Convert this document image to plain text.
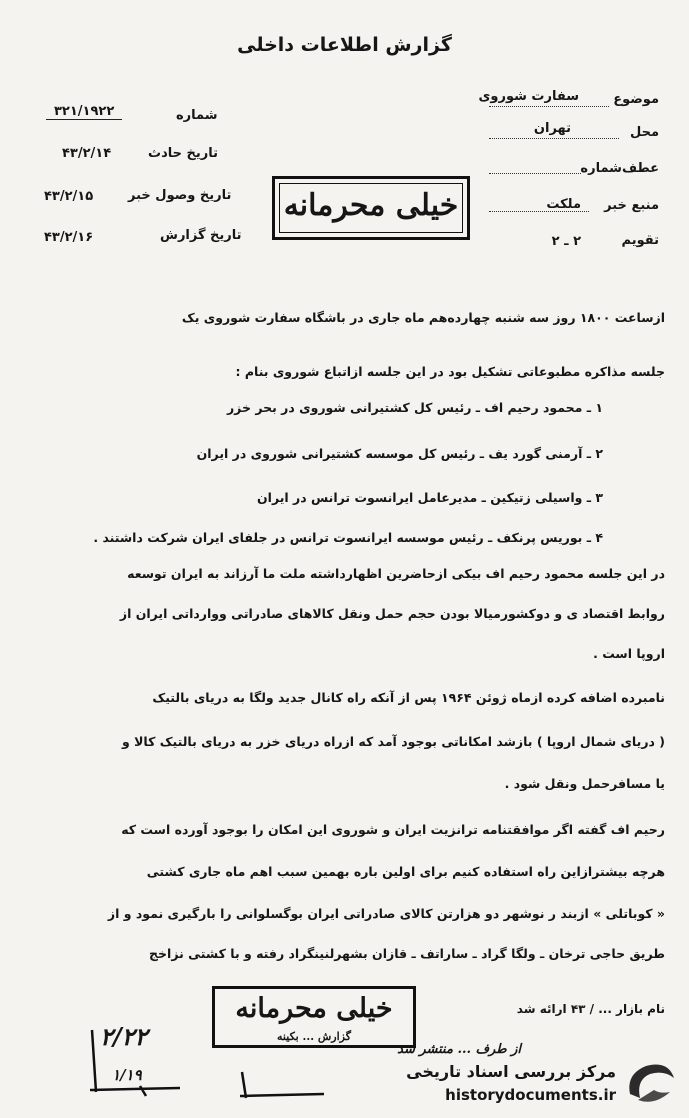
گزارش اطلاعات داخلی
موضوع
سفارت شوروی
محل
تهران
عطف‌شماره
منبع خبر
ملکت
تقویم
۲ ـ ۲
شماره
۳۲۱/۱۹۲۲
تاریخ حادث
۴۳/۲/۱۴
تاریخ وصول خبر
۴۳/۲/۱۵
تاریخ گزارش
۴۳/۲/۱۶
خیلی محرمانه
ازساعت ۱۸۰۰ روز سه شنبه چهارده‌هم ماه جاری در باشگاه سفارت شوروی یک
جلسه مذاکره مطبوعاتی تشکیل بود در این جلسه ازاتباع شوروی بنام :
۱ ـ محمود رحیم اف ـ رئیس کل کشتیرانی شوروی در بحر خزر
۲ ـ آرمنی گورد یف ـ رئیس کل موسسه کشتیرانی شوروی در ایران
۳ ـ واسیلی زتیکین ـ مدیرعامل ایرانسوت ترانس در ایران
۴ ـ بوریس پرنکف ـ رئیس موسسه ایرانسوت ترانس در جلفای ایران شرکت داشتند .
در این جلسه محمود رحیم اف بیکی ازحاضرین اظهارداشته ملت ما آرزاند به ایران توسعه
روابط اقتصاد ی و دوکشورمیالا بودن حجم حمل ونقل کالاهای صادراتی ووارداتی ایران از
اروپا است .
نامبرده اضافه کرده ازماه ژوئن ۱۹۶۴ پس از آنکه راه کانال جدید ولگا به دریای بالتیک
( دریای شمال اروپا ) بازشد امکاناتی بوجود آمد که ازراه دریای خزر به دریای بالتیک کالا و
یا مسافرحمل ونقل شود .
رحیم اف گفته اگر موافقتنامه ترانزیت ایران و شوروی این امکان را بوجود آورده است که
هرچه بیشترازاین راه استفاده کنیم برای اولین باره بهمین سبب اهم ماه جاری کشتی
« کوباتلی » ازبند ر نوشهر دو هزارتن کالای صادراتی ایران بوگسلوانی را بارگیری نمود و از
طریق حاجی ترخان ـ ولگا گراد ـ ساراتف ـ قازان بشهرلنینگراد رفته و با کشتی نزاخج
نام بازار ... / ۴۳ ارائه شد
از طرف ... منتشر شد
خیلی محرمانه
گزارش ... بکینه
۲/۲۲
۱/۱۹	مرکز بررسی اسناد تاریخی
historydocuments.ir
